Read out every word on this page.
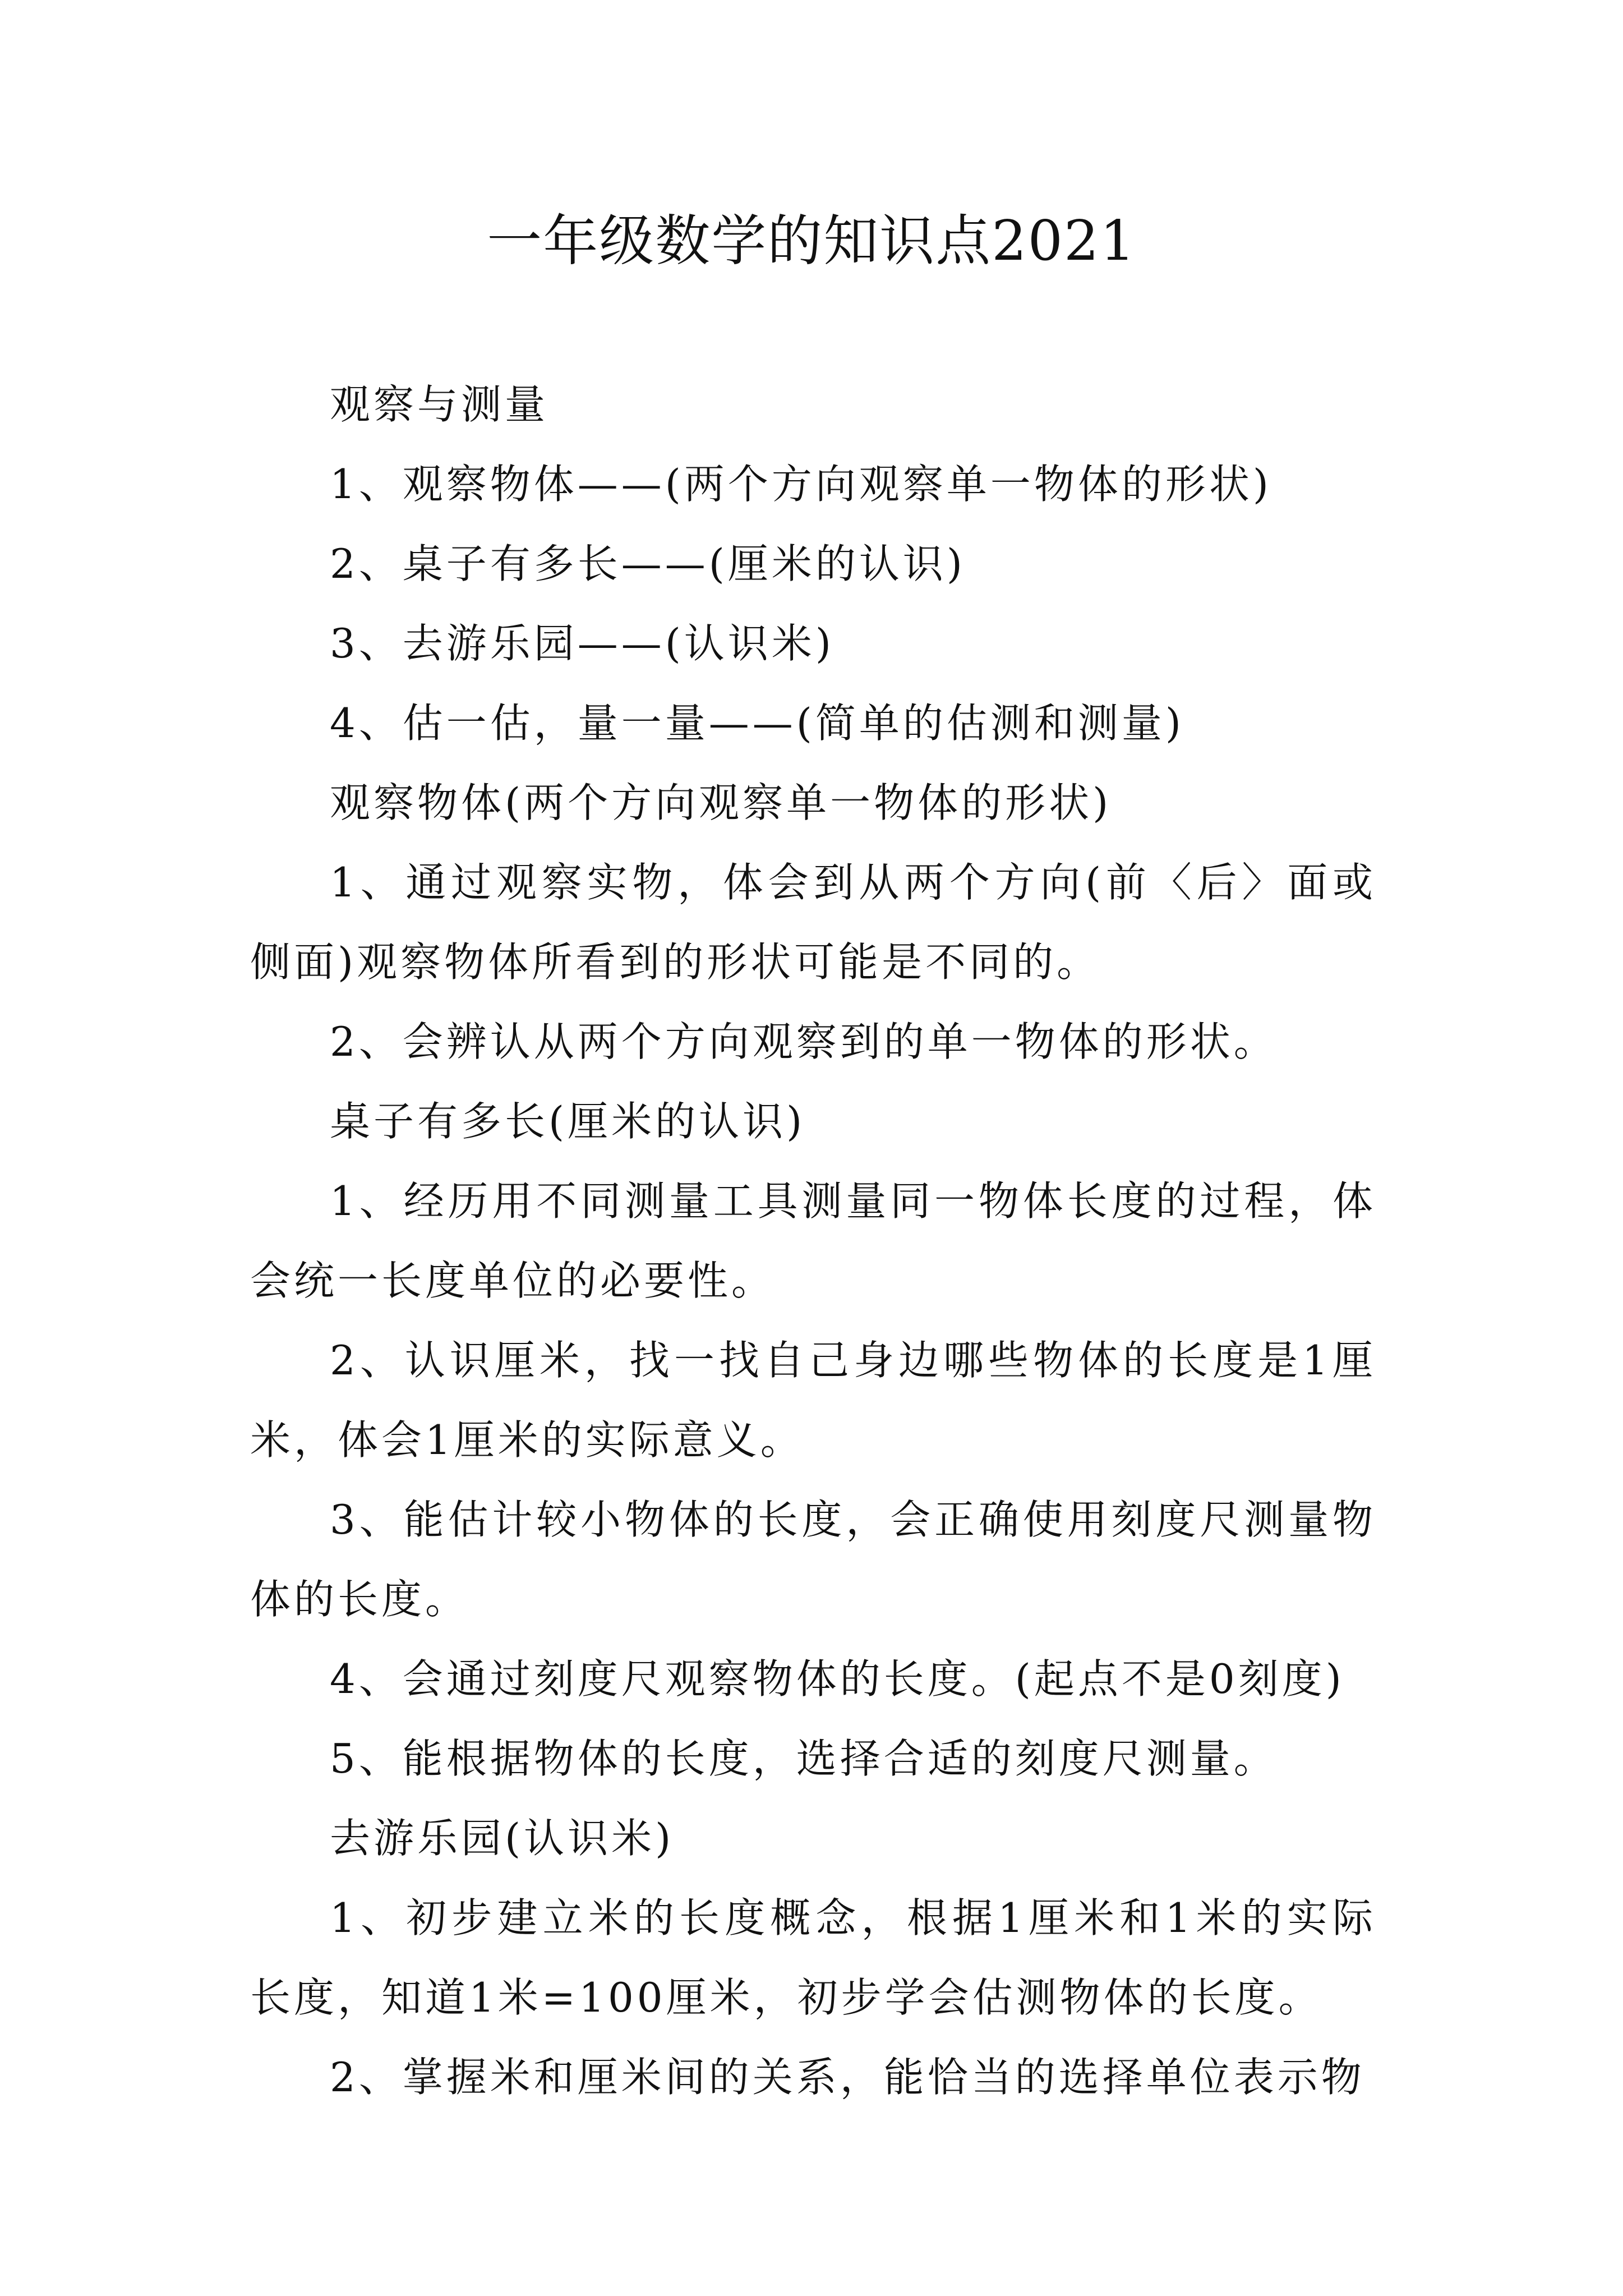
一年级数学的知识点2021

观察与测量

1、观察物体——(两个方向观察单一物体的形状)

2、桌子有多长——(厘米的认识)

3、去游乐园——(认识米)

4、估一估，量一量——(简单的估测和测量)

观察物体(两个方向观察单一物体的形状)

1、通过观察实物，体会到从两个方向(前〈后〉面或侧面)观察物体所看到的形状可能是不同的。

2、会辨认从两个方向观察到的单一物体的形状。

桌子有多长(厘米的认识)

1、经历用不同测量工具测量同一物体长度的过程，体会统一长度单位的必要性。

2、认识厘米，找一找自己身边哪些物体的长度是1厘米，体会1厘米的实际意义。

3、能估计较小物体的长度，会正确使用刻度尺测量物体的长度。

4、会通过刻度尺观察物体的长度。(起点不是0刻度)

5、能根据物体的长度，选择合适的刻度尺测量。

去游乐园(认识米)

1、初步建立米的长度概念，根据1厘米和1米的实际长度，知道1米=100厘米，初步学会估测物体的长度。

2、掌握米和厘米间的关系，能恰当的选择单位表示物
